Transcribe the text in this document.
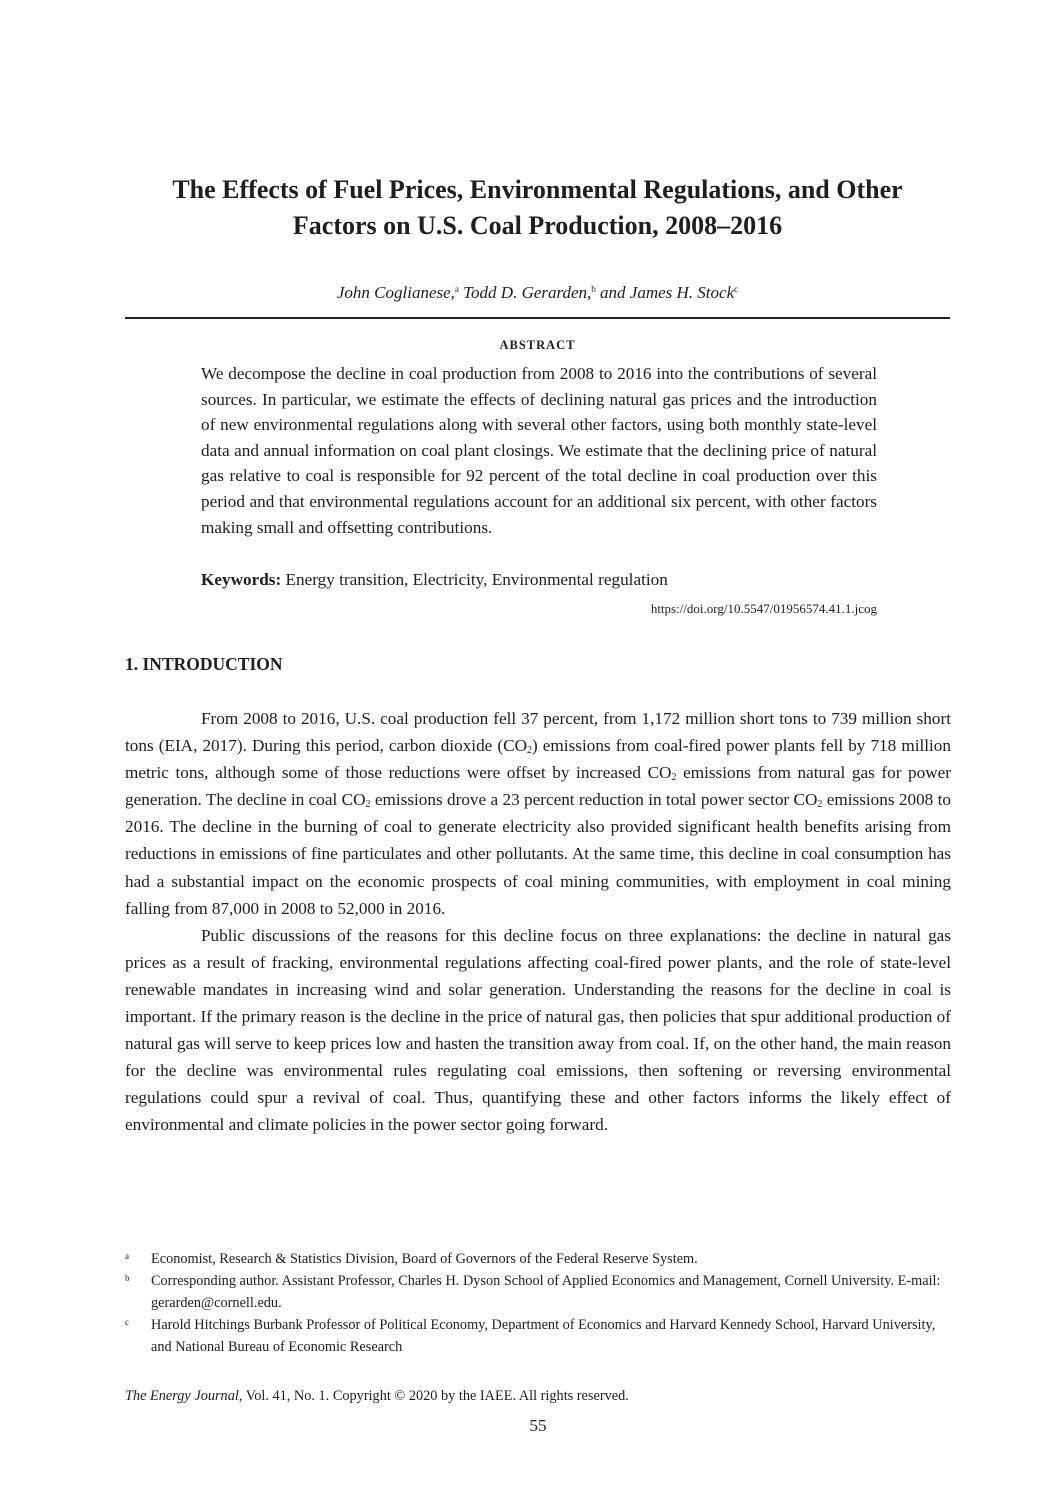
The Effects of Fuel Prices, Environmental Regulations, and Other
Factors on U.S. Coal Production, 2008–2016
John Coglianese,$^a$ Todd D. Gerarden,$^b$ and James H. Stock$^c$
ABSTRACT

We decompose the decline in coal production from 2008 to 2016 into the contributions of several sources. In particular, we estimate the effects of declining natural gas prices and the introduction of new environmental regulations along with several other factors, using both monthly state-level data and annual information on coal plant closings. We estimate that the declining price of natural gas relative to coal is responsible for 92 percent of the total decline in coal production over this period and that environmental regulations account for an additional six percent, with other factors making small and offsetting contributions.

Keywords: Energy transition, Electricity, Environmental regulation
https://doi.org/10.5547/01956574.41.1.jcog
1. INTRODUCTION

From 2008 to 2016, U.S. coal production fell 37 percent, from 1,172 million short tons to 739 million short tons (EIA, 2017). During this period, carbon dioxide $(CO_2)$ emissions from coal-fired power plants fell by 718 million metric tons, although some of those reductions were offset by increased $CO_2$ emissions from natural gas for power generation. The decline in coal $CO_2$ emissions drove a 23 percent reduction in total power sector $CO_2$ emissions 2008 to 2016. The decline in the burning of coal to generate electricity also provided significant health benefits arising from reductions in emissions of fine particulates and other pollutants. At the same time, this decline in coal consumption has had a substantial impact on the economic prospects of coal mining communities, with employment in coal mining falling from 87,000 in 2008 to 52,000 in 2016.

Public discussions of the reasons for this decline focus on three explanations: the decline in natural gas prices as a result of fracking, environmental regulations affecting coal-fired power plants, and the role of state-level renewable mandates in increasing wind and solar generation. Understanding the reasons for the decline in coal is important. If the primary reason is the decline in the price of natural gas, then policies that spur additional production of natural gas will serve to keep prices low and hasten the transition away from coal. If, on the other hand, the main reason for the decline was environmental rules regulating coal emissions, then softening or reversing environmental regulations could spur a revival of coal. Thus, quantifying these and other factors informs the likely effect of environmental and climate policies in the power sector going forward.

a Economist, Research & Statistics Division, Board of Governors of the Federal Reserve System.
b Corresponding author. Assistant Professor, Charles H. Dyson School of Applied Economics and Management, Cornell University. E-mail: gerarden@cornell.edu.
c Harold Hitchings Burbank Professor of Political Economy, Department of Economics and Harvard Kennedy School, Harvard University, and National Bureau of Economic Research
The Energy Journal, Vol. 41, No. 1. Copyright © 2020 by the IAEE. All rights reserved.
55
